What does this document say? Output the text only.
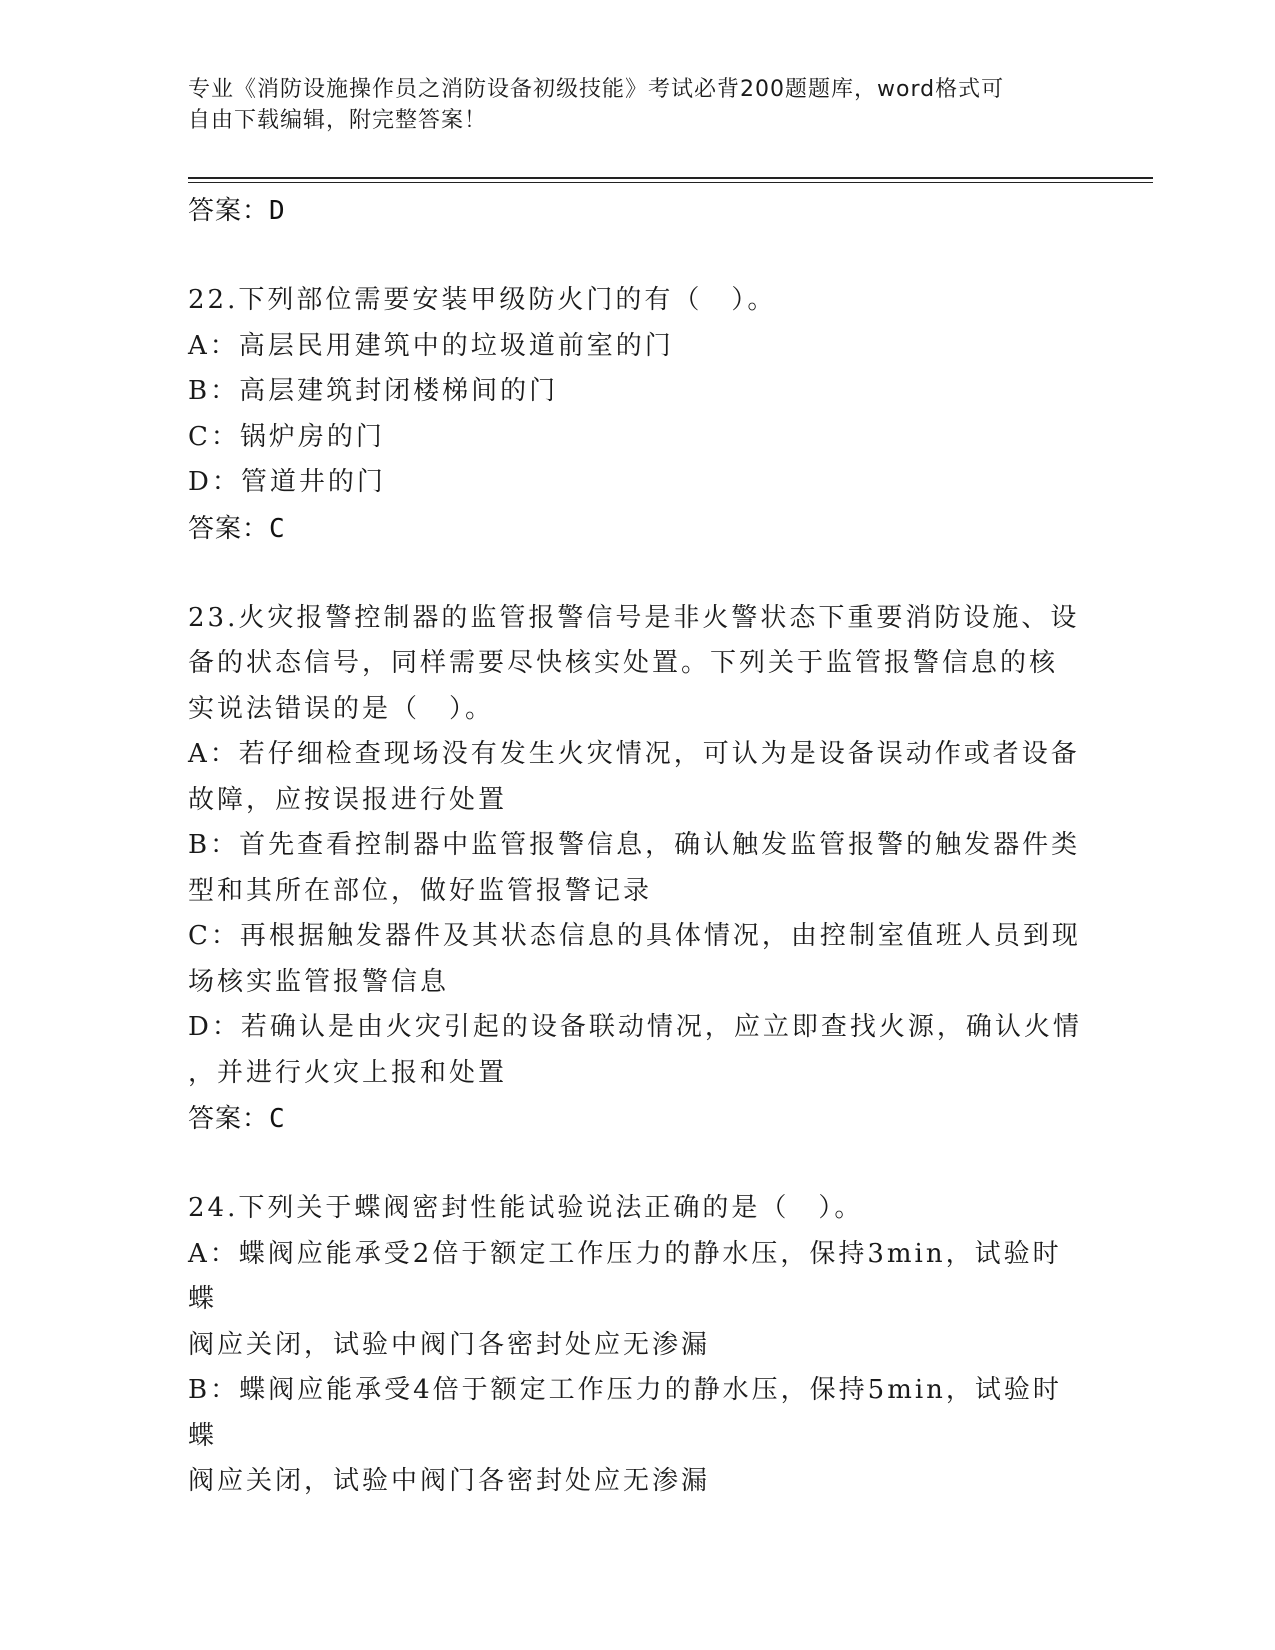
专业《消防设施操作员之消防设备初级技能》考试必背200题题库，word格式可
自由下载编辑，附完整答案！
答案：D
22.下列部位需要安装甲级防火门的有（　）。
A：高层民用建筑中的垃圾道前室的门
B：高层建筑封闭楼梯间的门
C：锅炉房的门
D：管道井的门
答案：C
23.火灾报警控制器的监管报警信号是非火警状态下重要消防设施、设
备的状态信号，同样需要尽快核实处置。下列关于监管报警信息的核
实说法错误的是（　）。
A：若仔细检查现场没有发生火灾情况，可认为是设备误动作或者设备
故障，应按误报进行处置
B：首先查看控制器中监管报警信息，确认触发监管报警的触发器件类
型和其所在部位，做好监管报警记录
C：再根据触发器件及其状态信息的具体情况，由控制室值班人员到现
场核实监管报警信息
D：若确认是由火灾引起的设备联动情况，应立即查找火源，确认火情
，并进行火灾上报和处置
答案：C
24.下列关于蝶阀密封性能试验说法正确的是（　）。
A：蝶阀应能承受2倍于额定工作压力的静水压，保持3min，试验时蝶
阀应关闭，试验中阀门各密封处应无渗漏
B：蝶阀应能承受4倍于额定工作压力的静水压，保持5min，试验时蝶
阀应关闭，试验中阀门各密封处应无渗漏
